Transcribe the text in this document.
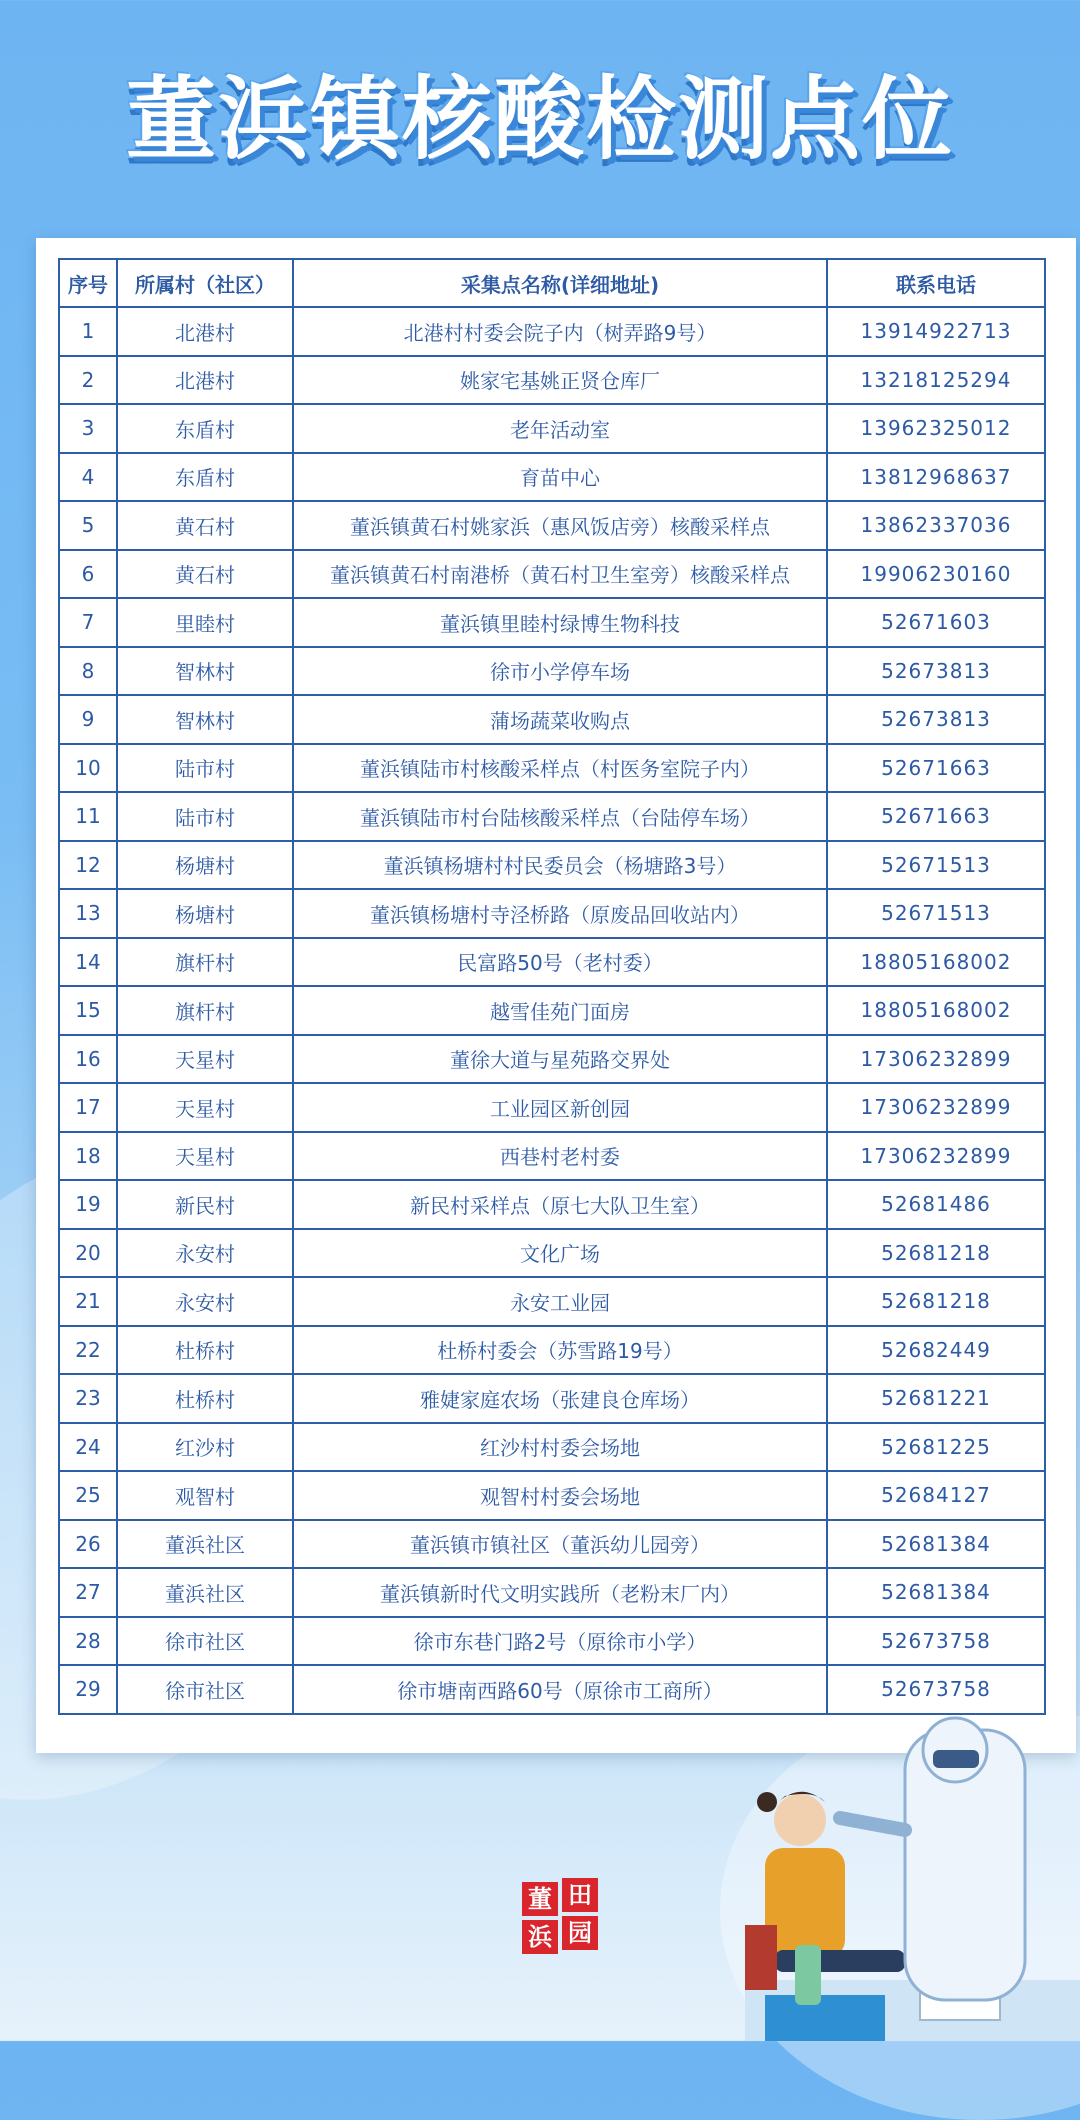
董浜镇核酸检测点位
序号	所属村（社区）	采集点名称(详细地址)	联系电话
1	北港村	北港村村委会院子内（树弄路9号）	13914922713
2	北港村	姚家宅基姚正贤仓库厂	13218125294
3	东盾村	老年活动室	13962325012
4	东盾村	育苗中心	13812968637
5	黄石村	董浜镇黄石村姚家浜（惠风饭店旁）核酸采样点	13862337036
6	黄石村	董浜镇黄石村南港桥（黄石村卫生室旁）核酸采样点	19906230160
7	里睦村	董浜镇里睦村绿博生物科技	52671603
8	智林村	徐市小学停车场	52673813
9	智林村	蒲场蔬菜收购点	52673813
10	陆市村	董浜镇陆市村核酸采样点（村医务室院子内）	52671663
11	陆市村	董浜镇陆市村台陆核酸采样点（台陆停车场）	52671663
12	杨塘村	董浜镇杨塘村村民委员会（杨塘路3号）	52671513
13	杨塘村	董浜镇杨塘村寺泾桥路（原废品回收站内）	52671513
14	旗杆村	民富路50号（老村委）	18805168002
15	旗杆村	越雪佳苑门面房	18805168002
16	天星村	董徐大道与星苑路交界处	17306232899
17	天星村	工业园区新创园	17306232899
18	天星村	西巷村老村委	17306232899
19	新民村	新民村采样点（原七大队卫生室）	52681486
20	永安村	文化广场	52681218
21	永安村	永安工业园	52681218
22	杜桥村	杜桥村委会（苏雪路19号）	52682449
23	杜桥村	雅婕家庭农场（张建良仓库场）	52681221
24	红沙村	红沙村村委会场地	52681225
25	观智村	观智村村委会场地	52684127
26	董浜社区	董浜镇市镇社区（董浜幼儿园旁）	52681384
27	董浜社区	董浜镇新时代文明实践所（老粉末厂内）	52681384
28	徐市社区	徐市东巷门路2号（原徐市小学）	52673758
29	徐市社区	徐市塘南西路60号（原徐市工商所）	52673758
董 田
浜 园
